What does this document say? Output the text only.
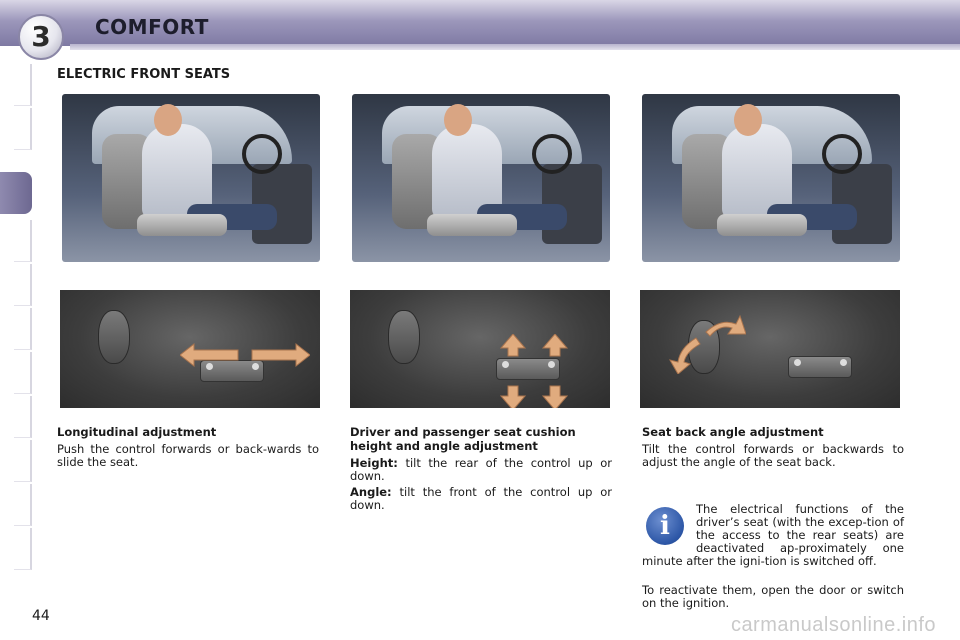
3	COMFORT
ELECTRIC FRONT SEATS
Longitudinal adjustment
Push the control forwards or back-wards to slide the seat.
Driver and passenger seat cushion height and angle adjustment
Height: tilt the rear of the control up or down.
Angle: tilt the front of the control up or down.
Seat back angle adjustment
Tilt the control forwards or backwards to adjust the angle of the seat back.
i
The electrical functions of the driver’s seat (with the excep-tion of the access to the rear seats) are deactivated ap-proximately one minute after the igni-tion is switched off.
To reactivate them, open the door or switch on the ignition.
44	carmanualsonline.info
